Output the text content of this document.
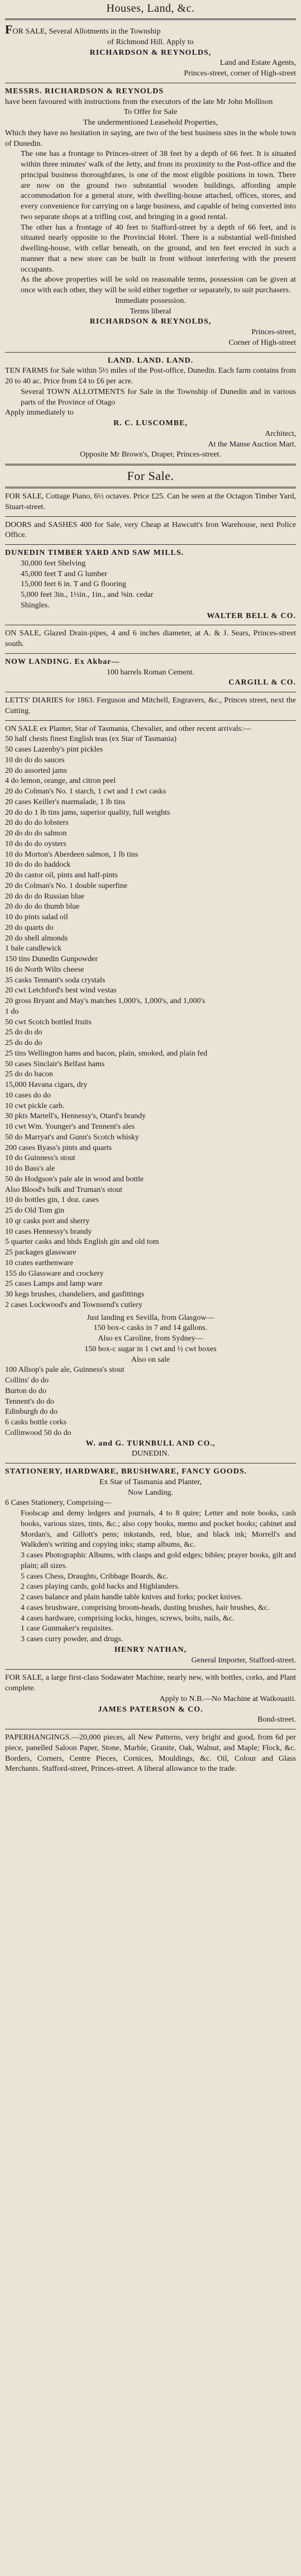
Houses, Land, &c.

FOR SALE, Several Allotments in the Township

of Richmond Hill. Apply to

RICHARDSON & REYNOLDS,

Land and Estate Agents,

Princes-street, corner of High-street

MESSRS. RICHARDSON & REYNOLDS

have been favoured with instructions from the executors of the late Mr John Mollison

To Offer for Sale

The undermentioned Leasehold Properties,

Which they have no hesitation in saying, are two of the best business sites in the whole town of Dunedin.

The one has a frontage to Princes-street of 38 feet by a depth of 66 feet. It is situated within three minutes' walk of the Jetty, and from its proximity to the Post-office and the principal business thoroughfares, is one of the most eligible positions in town. There are now on the ground two substantial wooden buildings, affording ample accommodation for a general store, with dwelling-house attached, offices, stores, and every convenience for carrying on a large business, and capable of being converted into two separate shops at a trifling cost, and bringing in a good rental.

The other has a frontage of 40 feet to Stafford-street by a depth of 66 feet, and is situated nearly opposite to the Provincial Hotel. There is a substantial well-finished dwelling-house, with cellar beneath, on the ground, and ten feet erected in such a manner that a new store can be built in front without interfering with the present occupants.

As the above properties will be sold on reasonable terms, possession can be given at once with each other, they will be sold either together or separately, to suit purchasers.

Immediate possession.

Terms liberal

RICHARDSON & REYNOLDS,

Princes-street,

Corner of High-street

LAND. LAND. LAND.

TEN FARMS for Sale within 5½ miles of the Post-office, Dunedin. Each farm contains from 20 to 40 ac. Price from £4 to £6 per acre.

Several TOWN ALLOTMENTS for Sale in the Township of Dunedin and in various parts of the Province of Otago

Apply immediately to

R. C. LUSCOMBE,

Architect,

At the Manse Auction Mart.

Opposite Mr Brown's, Draper, Princes-street.

For Sale.

FOR SALE, Cottage Piano, 6½ octaves. Price £25. Can be seen at the Octagon Timber Yard, Stuart-street.

DOORS and SASHES 400 for Sale, very Cheap at Hawcutt's Iron Warehouse, next Police Office.

DUNEDIN TIMBER YARD AND SAW MILLS.

30,000 feet Shelving

45,000 feet T and G lumber

15,000 feet 6 in. T and G flooring

5,000 feet 3in., 1½in., 1in., and ⅝in. cedar

Shingles.

WALTER BELL & CO.

ON SALE, Glazed Drain-pipes, 4 and 6 inches diameter, at A. & J. Sears, Princes-street south.

NOW LANDING. Ex Akbar—

100 barrels Roman Cement.

CARGILL & CO.

LETTS' DIARIES for 1863. Ferguson and Mitchell, Engravers, &c., Princes street, next the Cutting.

ON SALE ex Planter, Star of Tasmania, Chevalier, and other recent arrivals:—

50 half chests finest English teas (ex Star of Tasmania)

50 cases Lazenby's pint pickles

10 do do do sauces

20 do assorted jams

4 do lemon, orange, and citron peel

20 do Colman's No. 1 starch, 1 cwt and 1 cwt casks

20 cases Keiller's marmalade, 1 lb tins

20 do do 1 lb tins jams, superior quality, full weights

20 do do do lobsters

20 do do do salmon

10 do do do oysters

10 do Morton's Aberdeen salmon, 1 lb tins

10 do do do haddock

20 do castor oil, pints and half-pints

20 do Colman's No. 1 double superfine

20 do do do Russian blue

20 do do do thumb blue

10 do pints salad oil

20 do quarts do

20 do shell almonds

1 bale candlewick

150 tins Dunedin Gunpowder

16 do North Wilts cheese

35 casks Tennant's soda crystals

20 cwt Letchford's best wind vestas

20 gross Bryant and May's matches 1,000's, 1,000's, and 1,000's

1 do

50 cwt Scotch bottled fruits

25 do do do

25 do do do

25 tins Wellington hams and bacon, plain, smoked, and plain fed

50 cases Sinclair's Belfast hams

25 do do bacon

15,000 Havana cigars, dry

10 cases do do

10 cwt pickle carb.

30 pkts Martell's, Hennessy's, Otard's brandy

10 cwt Wm. Younger's and Tennent's ales

50 do Marryat's and Gunn's Scotch whisky

200 cases Byass's pints and quarts

10 do Guinness's stout

10 do Bass's ale

50 do Hodgson's pale ale in wood and bottle

Also Blood's bulk and Truman's stout

10 do bottles gin, 1 doz. cases

25 do Old Tom gin

10 qr casks port and sherry

10 cases Hennessy's brandy

5 quarter casks and hhds English gin and old tom

25 packages glassware

10 crates earthenware

155 do Glassware and crockery

25 cases Lamps and lamp ware

30 kegs brushes, chandeliers, and gasfittings

2 cases Lockwood's and Townsend's cutlery

Just landing ex Sevilla, from Glasgow—

150 box-c casks in 7 and 14 gallons.

Also ex Caroline, from Sydney—

150 box-c sugar in 1 cwt and ½ cwt boxes

Also on sale

100 Allsop's pale ale, Guinness's stout

Collins' do do

Burton do do

Tennent's do do

Edinburgh do do

6 casks bottle corks

Collinwood 50 do do

W. and G. TURNBULL AND CO.,

DUNEDIN.

STATIONERY, HARDWARE, BRUSHWARE, FANCY GOODS.

Ex Star of Tasmania and Planter,

Now Landing.

6 Cases Stationery, Comprising—

Foolscap and demy ledgers and journals, 4 to 8 quire; Letter and note books, cash books, various sizes, tints, &c.; also copy books, memo and pocket books; cabinet and Mordan's, and Gillott's pens; inkstands, red, blue, and black ink; Morrell's and Walkden's writing and copying inks; stamp albums, &c.

3 cases Photographic Albums, with clasps and gold edges; bibles; prayer books, gilt and plain; all sizes.

5 cases Chess, Draughts, Cribbage Boards, &c.

2 cases playing cards, gold backs and Highlanders.

2 cases balance and plain handle table knives and forks; pocket knives.

4 cases brushware, comprising broom-heads, dusting brushes, hair brushes, &c.

4 cases hardware, comprising locks, hinges, screws, bolts, nails, &c.

1 case Gunmaker's requisites.

3 cases curry powder, and drugs.

HENRY NATHAN,

General Importer, Stafford-street.

FOR SALE, a large first-class Sodawater Machine, nearly new, with bottles, corks, and Plant complete.

Apply to N.B.—No Machine at Waikouaiti.

JAMES PATERSON & CO.

Bond-street.

PAPERHANGINGS.—20,000 pieces, all New Patterns, very bright and good, from 6d per piece, panelled Saloon Paper, Stone, Marble, Granite, Oak, Walnut, and Maple; Flock, &c. Borders, Corners, Centre Pieces, Cornices, Mouldings, &c. Oil, Colour and Glass Merchants. Stafford-street, Princes-street. A liberal allowance to the trade.
